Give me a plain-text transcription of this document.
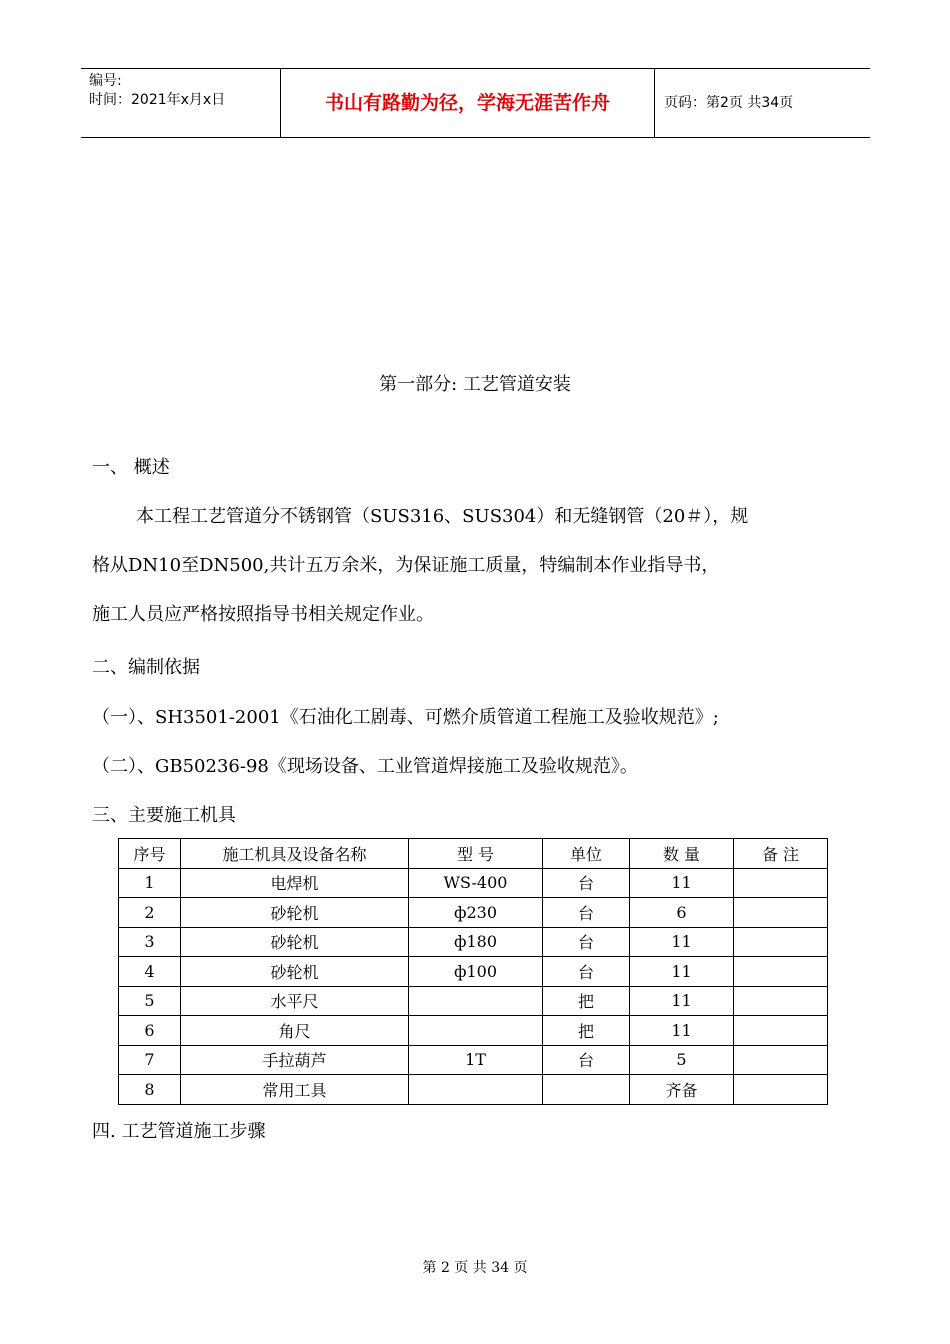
编号:
时间：2021年x月x日	书山有路勤为径，学海无涯苦作舟	页码：第2页 共34页
第一部分: 工艺管道安装
一、 概述
本工程工艺管道分不锈钢管（SUS316、SUS304）和无缝钢管（20＃），规
格从DN10至DN500,共计五万余米，为保证施工质量，特编制本作业指导书，
施工人员应严格按照指导书相关规定作业。
二、编制依据
（一）、SH3501-2001《石油化工剧毒、可燃介质管道工程施工及验收规范》;
（二）、GB50236-98《现场设备、工业管道焊接施工及验收规范》。
三、主要施工机具
序号	施工机具及设备名称	型 号	单位	数 量	备 注
1	电焊机	WS-400	台	11	
2	砂轮机	ф230	台	6	
3	砂轮机	ф180	台	11	
4	砂轮机	ф100	台	11	
5	水平尺		把	11	
6	角尺		把	11	
7	手拉葫芦	1T	台	5	
8	常用工具			齐备	
四. 工艺管道施工步骤
第 2 页 共 34 页
